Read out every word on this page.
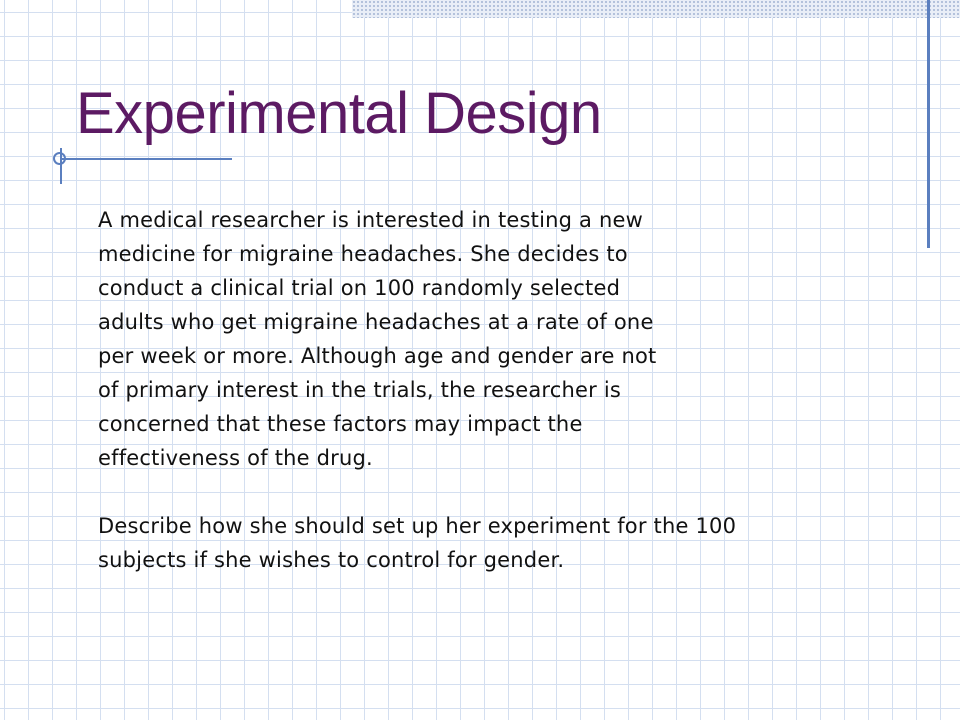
Experimental Design

A medical researcher is interested in testing a new
medicine for migraine headaches. She decides to
conduct a clinical trial on 100 randomly selected
adults who get migraine headaches at a rate of one
per week or more. Although age and gender are not
of primary interest in the trials, the researcher is
concerned that these factors may impact the
effectiveness of the drug.

Describe how she should set up her experiment for the 100
subjects if she wishes to control for gender.
